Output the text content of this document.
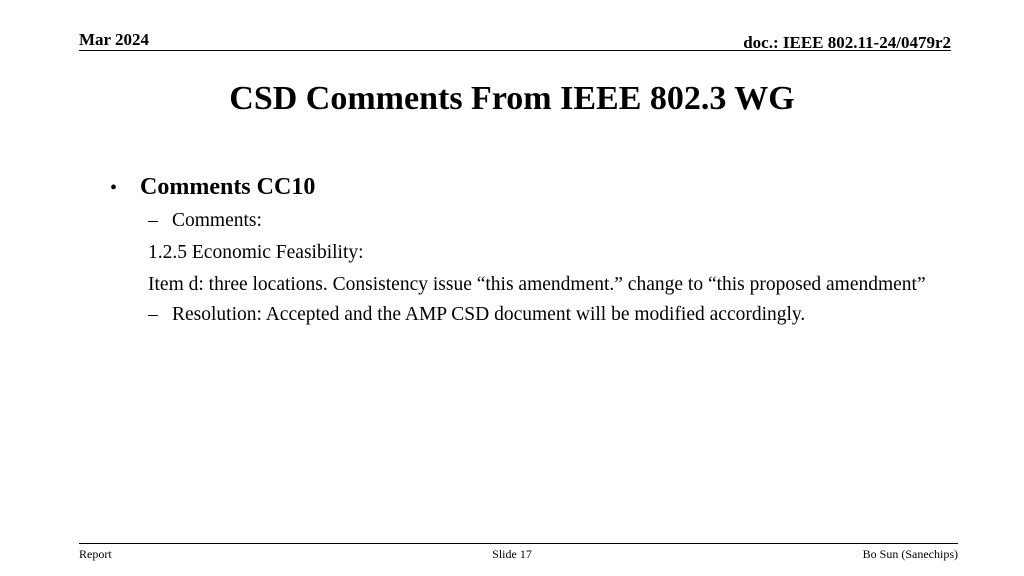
Mar 2024	doc.: IEEE 802.11-24/0479r2
CSD Comments From IEEE 802.3 WG
• Comments CC10
– Comments:
1.2.5 Economic Feasibility:
Item d: three locations. Consistency issue “this amendment.” change to “this proposed amendment”
– Resolution: Accepted and the AMP CSD document will be modified accordingly.
Report	Slide 17	Bo Sun (Sanechips)
